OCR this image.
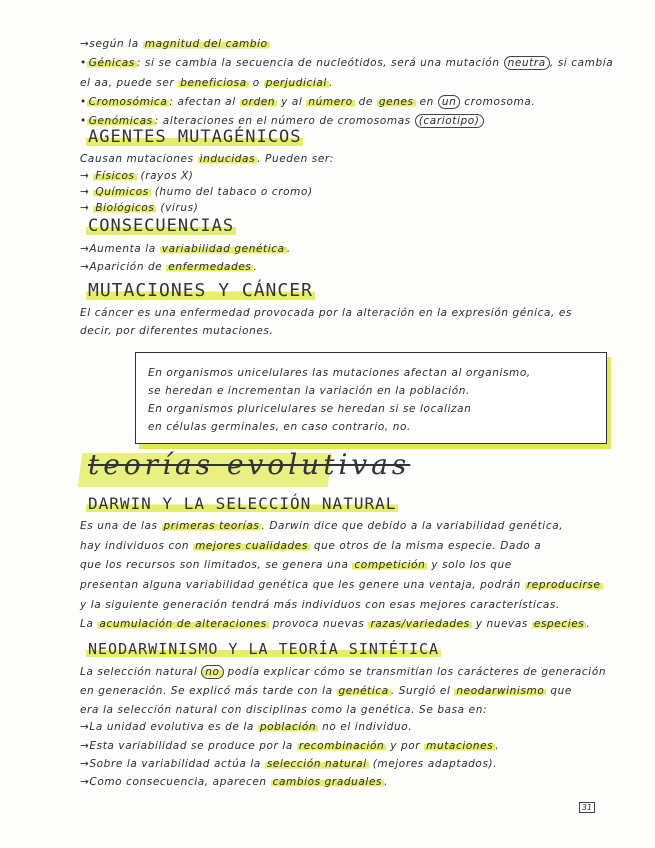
→según la magnitud del cambio
• Génicas : si se cambia la secuencia de nucleótidos, será una mutación neutra , si cambia
el aa, puede ser beneficiosa o perjudicial .
• Cromosómica : afectan al orden y al número de genes en un cromosoma.
• Genómicas : alteraciones en el número de cromosomas (cariotipo)
AGENTES MUTAGÉNICOS
Causan mutaciones inducidas . Pueden ser:
→ Físicos (rayos X)
→ Químicos (humo del tabaco o cromo)
→ Biológicos (virus)
CONSECUENCIAS
→Aumenta la variabilidad genética .
→Aparición de enfermedades .
MUTACIONES Y CÁNCER
El cáncer es una enfermedad provocada por la alteración en la expresión génica, es
decir, por diferentes mutaciones.
En organismos unicelulares las mutaciones afectan al organismo,
se heredan e incrementan la variación en la población.
En organismos pluricelulares se heredan si se localizan
en células germinales, en caso contrario, no.
teorías evolutivas
DARWIN Y LA SELECCIÓN NATURAL
Es una de las primeras teorías . Darwin dice que debido a la variabilidad genética,
hay individuos con mejores cualidades que otros de la misma especie. Dado a
que los recursos son limitados, se genera una competición y solo los que
presentan alguna variabilidad genética que les genere una ventaja, podrán reproducirse
y la siguiente generación tendrá más individuos con esas mejores características.
La acumulación de alteraciones provoca nuevas razas/variedades y nuevas especies .
NEODARWINISMO Y LA TEORÍA SINTÉTICA
La selección natural no podía explicar cómo se transmitían los carácteres de generación
en generación. Se explicó más tarde con la genética . Surgió el neodarwinismo que
era la selección natural con disciplinas como la genética. Se basa en:
→La unidad evolutiva es de la población no el individuo.
→Esta variabilidad se produce por la recombinación y por mutaciones .
→Sobre la variabilidad actúa la selección natural (mejores adaptados).
→Como consecuencia, aparecen cambios graduales .
31
